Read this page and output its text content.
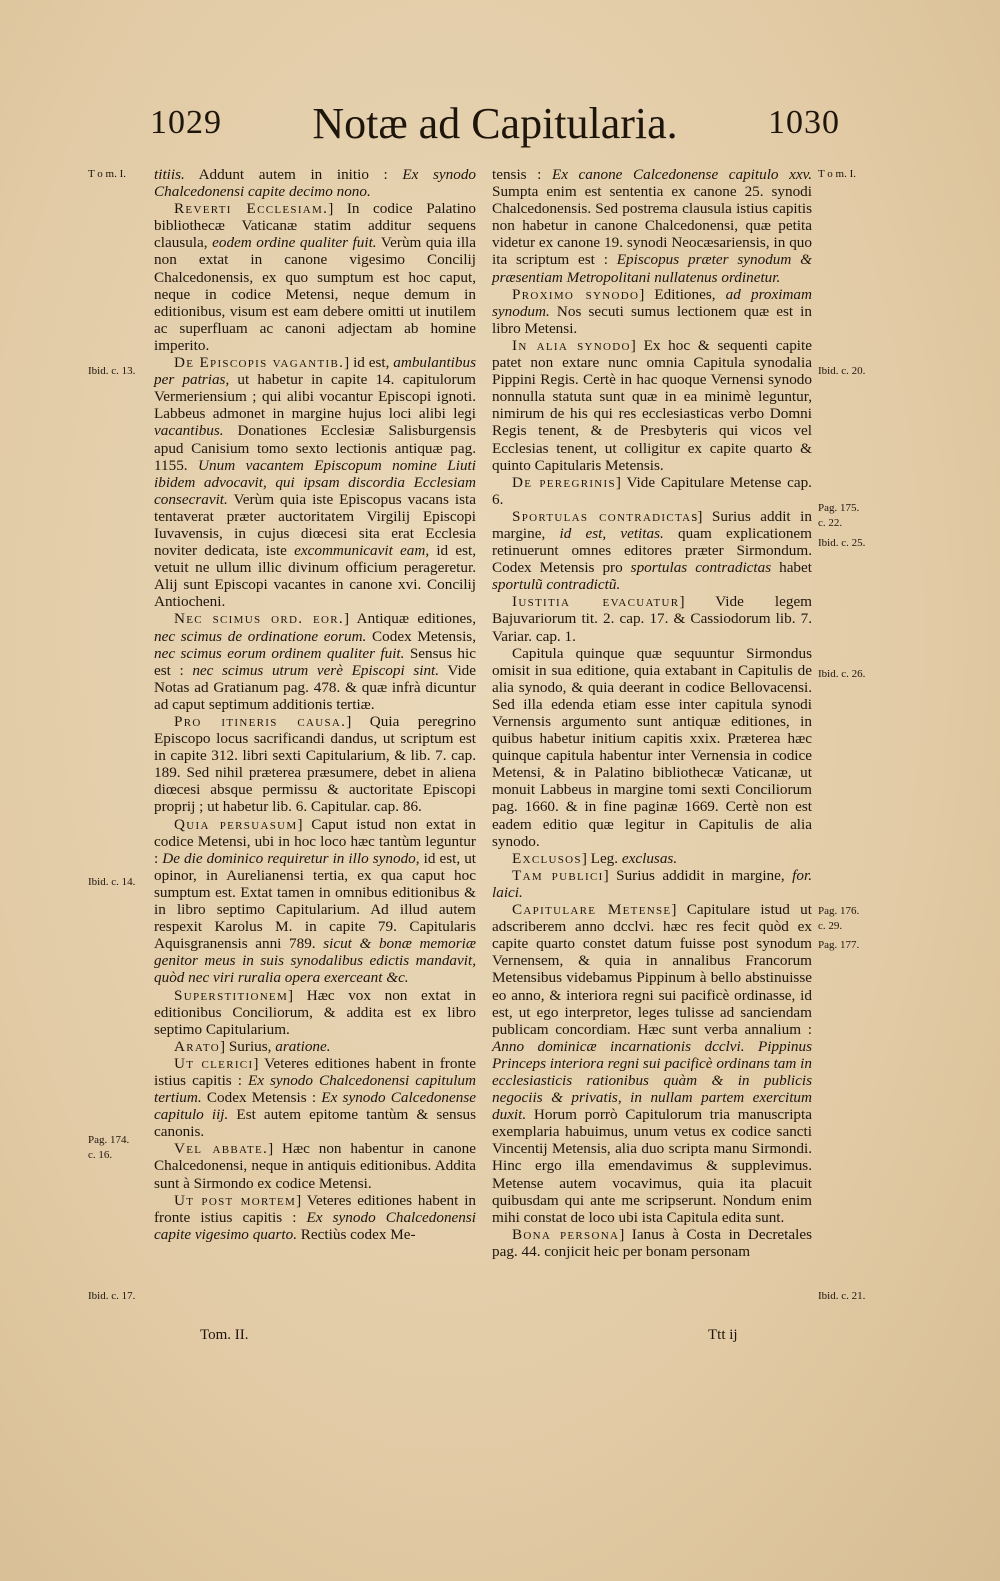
1029	Notæ ad Capitularia.	1030

titiis. Addunt autem in initio : Ex synodo Chalcedonensi capite decimo nono.

Reverti Ecclesiam.] In codice Palatino bibliothecæ Vaticanæ statim additur sequens clausula, eodem ordine qualiter fuit. Verùm quia illa non extat in canone vigesimo Concilij Chalcedonensis, ex quo sumptum est hoc caput, neque in codice Metensi, neque demum in editionibus, visum est eam debere omitti ut inutilem ac superfluam ac canoni adjectam ab homine imperito.

De Episcopis vagantib.] id est, ambulantibus per patrias, ut habetur in capite 14. capitulorum Vermeriensium ; qui alibi vocantur Episcopi ignoti. Labbeus admonet in margine hujus loci alibi legi vacantibus. Donationes Ecclesiæ Salisburgensis apud Canisium tomo sexto lectionis antiquæ pag. 1155. Unum vacantem Episcopum nomine Liuti ibidem advocavit, qui ipsam discordia Ecclesiam consecravit. Verùm quia iste Episcopus vacans ista tentaverat præter auctoritatem Virgilij Episcopi Iuvavensis, in cujus diœcesi sita erat Ecclesia noviter dedicata, iste excommunicavit eam, id est, vetuit ne ullum illic divinum officium perageretur. Alij sunt Episcopi vacantes in canone xvi. Concilij Antiocheni.

Nec scimus ord. eor.] Antiquæ editiones, nec scimus de ordinatione eorum. Codex Metensis, nec scimus eorum ordinem qualiter fuit. Sensus hic est : nec scimus utrum verè Episcopi sint. Vide Notas ad Gratianum pag. 478. & quæ infrà dicuntur ad caput septimum additionis tertiæ.

Pro itineris causa.] Quia peregrino Episcopo locus sacrificandi dandus, ut scriptum est in capite 312. libri sexti Capitularium, & lib. 7. cap. 189. Sed nihil præterea præsumere, debet in aliena diœcesi absque permissu & auctoritate Episcopi proprij ; ut habetur lib. 6. Capitular. cap. 86.

Quia persuasum] Caput istud non extat in codice Metensi, ubi in hoc loco hæc tantùm leguntur : De die dominico requiretur in illo synodo, id est, ut opinor, in Aurelianensi tertia, ex qua caput hoc sumptum est. Extat tamen in omnibus editionibus & in libro septimo Capitularium. Ad illud autem respexit Karolus M. in capite 79. Capitularis Aquisgranensis anni 789. sicut & bonæ memoriæ genitor meus in suis synodalibus edictis mandavit, quòd nec viri ruralia opera exerceant &c.

Superstitionem] Hæc vox non extat in editionibus Conciliorum, & addita est ex libro septimo Capitularium.

Arato] Surius, aratione.

Ut clerici] Veteres editiones habent in fronte istius capitis : Ex synodo Chalcedonensi capitulum tertium. Codex Metensis : Ex synodo Calcedonense capitulo iij. Est autem epitome tantùm & sensus canonis.

Vel abbate.] Hæc non habentur in canone Chalcedonensi, neque in antiquis editionibus. Addita sunt à Sirmondo ex codice Metensi.

Ut post mortem] Veteres editiones habent in fronte istius capitis : Ex synodo Chalcedonensi capite vigesimo quarto. Rectiùs codex Me-

tensis : Ex canone Calcedonense capitulo xxv. Sumpta enim est sententia ex canone 25. synodi Chalcedonensis. Sed postrema clausula istius capitis non habetur in canone Chalcedonensi, quæ petita videtur ex canone 19. synodi Neocæsariensis, in quo ita scriptum est : Episcopus præter synodum & præsentiam Metropolitani nullatenus ordinetur.

Proximo synodo] Editiones, ad proximam synodum. Nos secuti sumus lectionem quæ est in libro Metensi.

In alia synodo] Ex hoc & sequenti capite patet non extare nunc omnia Capitula synodalia Pippini Regis. Certè in hac quoque Vernensi synodo nonnulla statuta sunt quæ in ea minimè leguntur, nimirum de his qui res ecclesiasticas verbo Domni Regis tenent, & de Presbyteris qui vicos vel Ecclesias tenent, ut colligitur ex capite quarto & quinto Capitularis Metensis.

De peregrinis] Vide Capitulare Metense cap. 6.

Sportulas contradictas] Surius addit in margine, id est, vetitas. quam explicationem retinuerunt omnes editores præter Sirmondum. Codex Metensis pro sportulas contradictas habet sportulũ contradictũ.

Iustitia evacuatur] Vide legem Bajuvariorum tit. 2. cap. 17. & Cassiodorum lib. 7. Variar. cap. 1.

Capitula quinque quæ sequuntur Sirmondus omisit in sua editione, quia extabant in Capitulis de alia synodo, & quia deerant in codice Bellovacensi. Sed illa edenda etiam esse inter capitula synodi Vernensis argumento sunt antiquæ editiones, in quibus habetur initium capitis xxix. Præterea hæc quinque capitula habentur inter Vernensia in codice Metensi, & in Palatino bibliothecæ Vaticanæ, ut monuit Labbeus in margine tomi sexti Conciliorum pag. 1660. & in fine paginæ 1669. Certè non est eadem editio quæ legitur in Capitulis de alia synodo.

Exclusos] Leg. exclusas.

Tam publici] Surius addidit in margine, for. laici.

Capitulare Metense] Capitulare istud ut adscriberem anno dcclvi. hæc res fecit quòd ex capite quarto constet datum fuisse post synodum Vernensem, & quia in annalibus Francorum Metensibus videbamus Pippinum à bello abstinuisse eo anno, & interiora regni sui pacificè ordinasse, id est, ut ego interpretor, leges tulisse ad sanciendam publicam concordiam. Hæc sunt verba annalium : Anno dominicæ incarnationis dcclvi. Pippinus Princeps interiora regni sui pacificè ordinans tam in ecclesiasticis rationibus quàm & in publicis negociis & privatis, in nullam partem exercitum duxit. Horum porrò Capitulorum tria manuscripta exemplaria habuimus, unum vetus ex codice sancti Vincentij Metensis, alia duo scripta manu Sirmondi. Hinc ergo illa emendavimus & supplevimus. Metense autem vocavimus, quia ita placuit quibusdam qui ante me scripserunt. Nondum enim mihi constat de loco ubi ista Capitula edita sunt.

Bona persona] Ianus à Costa in Decretales pag. 44. conjicit heic per bonam personam

T o m. I.
Ibid. c. 13.
Ibid. c. 14.
Pag. 174.
c. 16.
Ibid. c. 17.
T o m. I.
Ibid. c. 20.
Pag. 175.
c. 22.
Ibid. c. 25.
Ibid. c. 26.
Pag. 176.
c. 29.
Pag. 177.
Ibid. c. 21.
Tom. II.	Ttt ij
